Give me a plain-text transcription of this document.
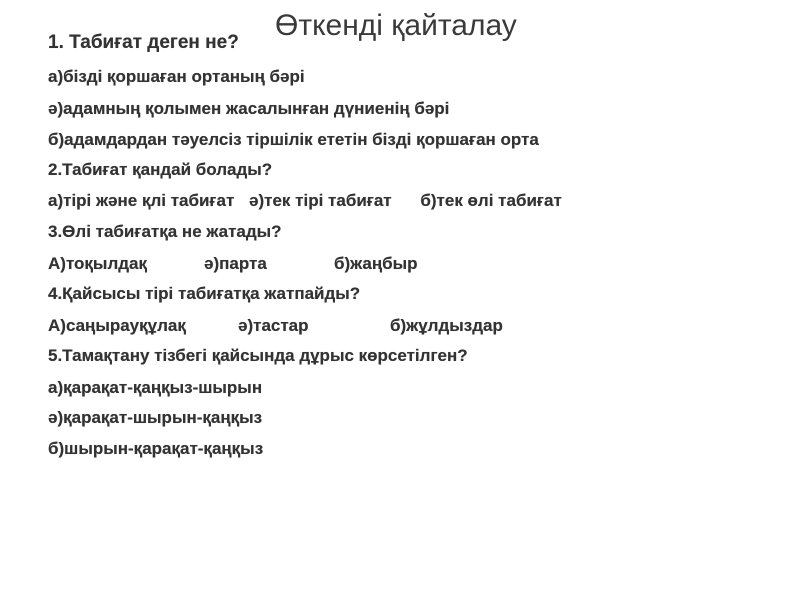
1. Табиғат деген не?
а)бізді қоршаған ортаның бәрі
ә)адамның қолымен жасалынған дүниенің бәрі
б)адамдардан тәуелсіз тіршілік ететін бізді қоршаған орта
2.Табиғат қандай болады?
а)тірі және қлі табиғат ә)тек тірі табиғат б)тек өлі табиғат
3.Өлі табиғатқа не жатады?
А)тоқылдақ	ә)парта	б)жаңбыр
4.Қайсысы тірі табиғатқа жатпайды?
А)саңырауқұлақ	ә)тастар	б)жұлдыздар
5.Тамақтану тізбегі қайсында дұрыс көрсетілген?
а)қарақат-қаңқыз-шырын
ә)қарақат-шырын-қаңқыз
б)шырын-қарақат-қаңқыз
Өткенді қайталау
